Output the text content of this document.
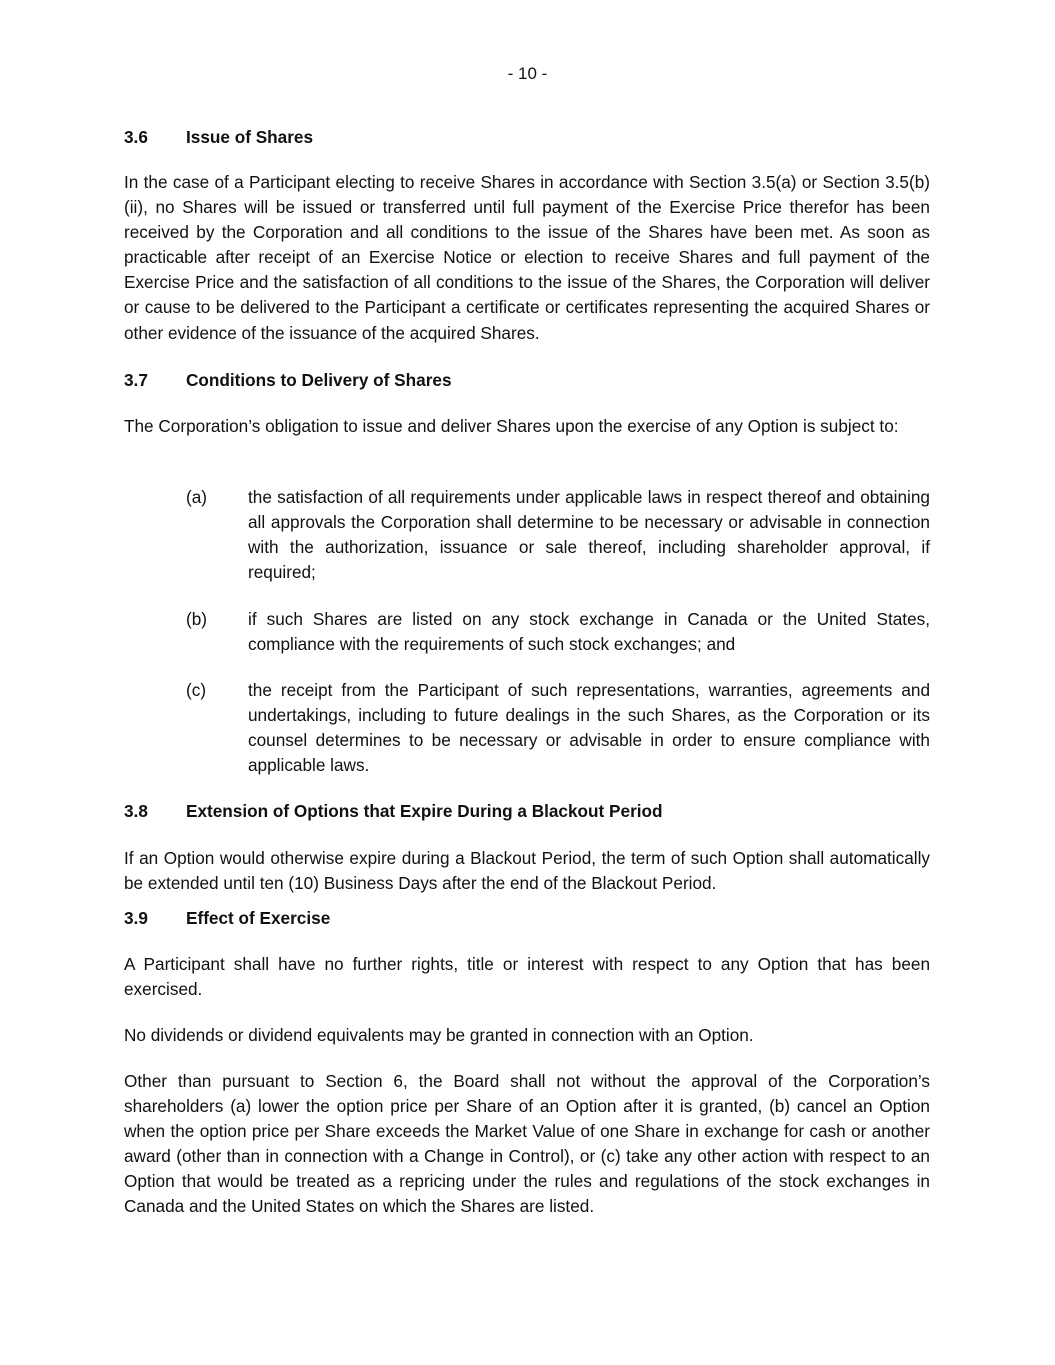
- 10 -
3.6 Issue of Shares

In the case of a Participant electing to receive Shares in accordance with Section 3.5(a) or Section 3.5(b)(ii), no Shares will be issued or transferred until full payment of the Exercise Price therefor has been received by the Corporation and all conditions to the issue of the Shares have been met. As soon as practicable after receipt of an Exercise Notice or election to receive Shares and full payment of the Exercise Price and the satisfaction of all conditions to the issue of the Shares, the Corporation will deliver or cause to be delivered to the Participant a certificate or certificates representing the acquired Shares or other evidence of the issuance of the acquired Shares.

3.7 Conditions to Delivery of Shares

The Corporation’s obligation to issue and deliver Shares upon the exercise of any Option is subject to:

(a) the satisfaction of all requirements under applicable laws in respect thereof and obtaining all approvals the Corporation shall determine to be necessary or advisable in connection with the authorization, issuance or sale thereof, including shareholder approval, if required;
(b) if such Shares are listed on any stock exchange in Canada or the United States, compliance with the requirements of such stock exchanges; and
(c) the receipt from the Participant of such representations, warranties, agreements and undertakings, including to future dealings in the such Shares, as the Corporation or its counsel determines to be necessary or advisable in order to ensure compliance with applicable laws.
3.8 Extension of Options that Expire During a Blackout Period

If an Option would otherwise expire during a Blackout Period, the term of such Option shall automatically be extended until ten (10) Business Days after the end of the Blackout Period.

3.9 Effect of Exercise

A Participant shall have no further rights, title or interest with respect to any Option that has been exercised.

No dividends or dividend equivalents may be granted in connection with an Option.

Other than pursuant to Section 6, the Board shall not without the approval of the Corporation’s shareholders (a) lower the option price per Share of an Option after it is granted, (b) cancel an Option when the option price per Share exceeds the Market Value of one Share in exchange for cash or another award (other than in connection with a Change in Control), or (c) take any other action with respect to an Option that would be treated as a repricing under the rules and regulations of the stock exchanges in Canada and the United States on which the Shares are listed.
